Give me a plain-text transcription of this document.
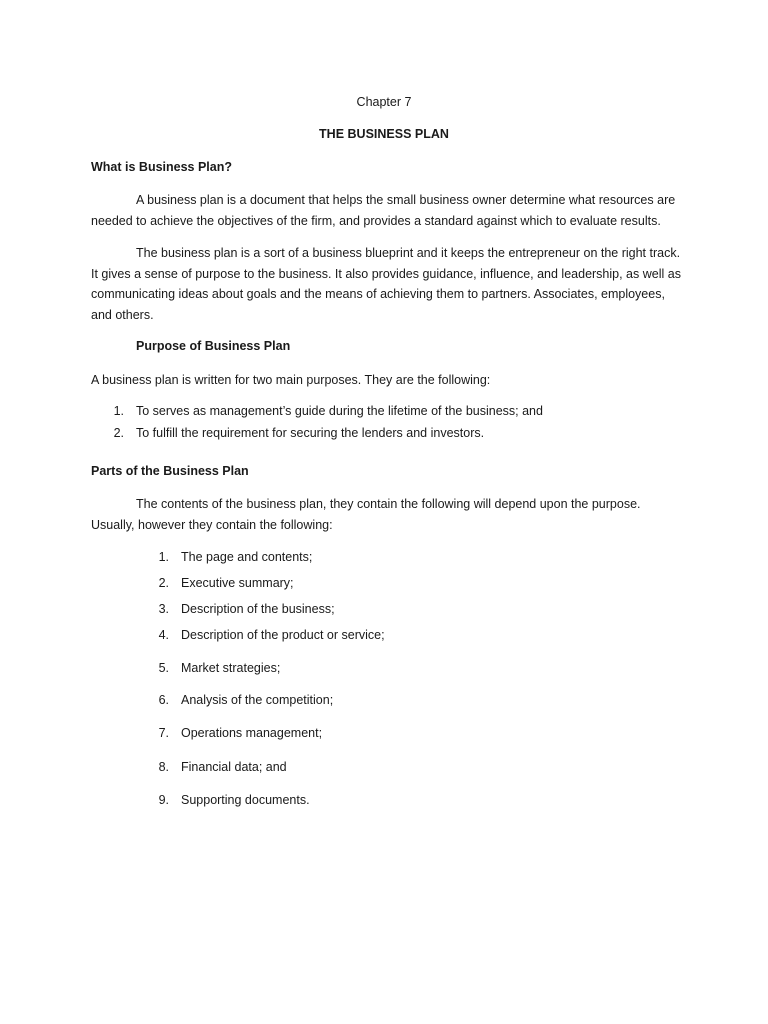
Chapter 7
THE BUSINESS PLAN
What is Business Plan?

A business plan is a document that helps the small business owner determine what resources are needed to achieve the objectives of the firm, and provides a standard against which to evaluate results.

The business plan is a sort of a business blueprint and it keeps the entrepreneur on the right track. It gives a sense of purpose to the business. It also provides guidance, influence, and leadership, as well as communicating ideas about goals and the means of achieving them to partners. Associates, employees, and others.

Purpose of Business Plan
A business plan is written for two main purposes. They are the following:
1. To serves as management’s guide during the lifetime of the business; and
2. To fulfill the requirement for securing the lenders and investors.
Parts of the Business Plan

The contents of the business plan, they contain the following will depend upon the purpose. Usually, however they contain the following:

1. The page and contents;
2. Executive summary;
3. Description of the business;
4. Description of the product or service;
5. Market strategies;
6. Analysis of the competition;
7. Operations management;
8. Financial data; and
9. Supporting documents.
